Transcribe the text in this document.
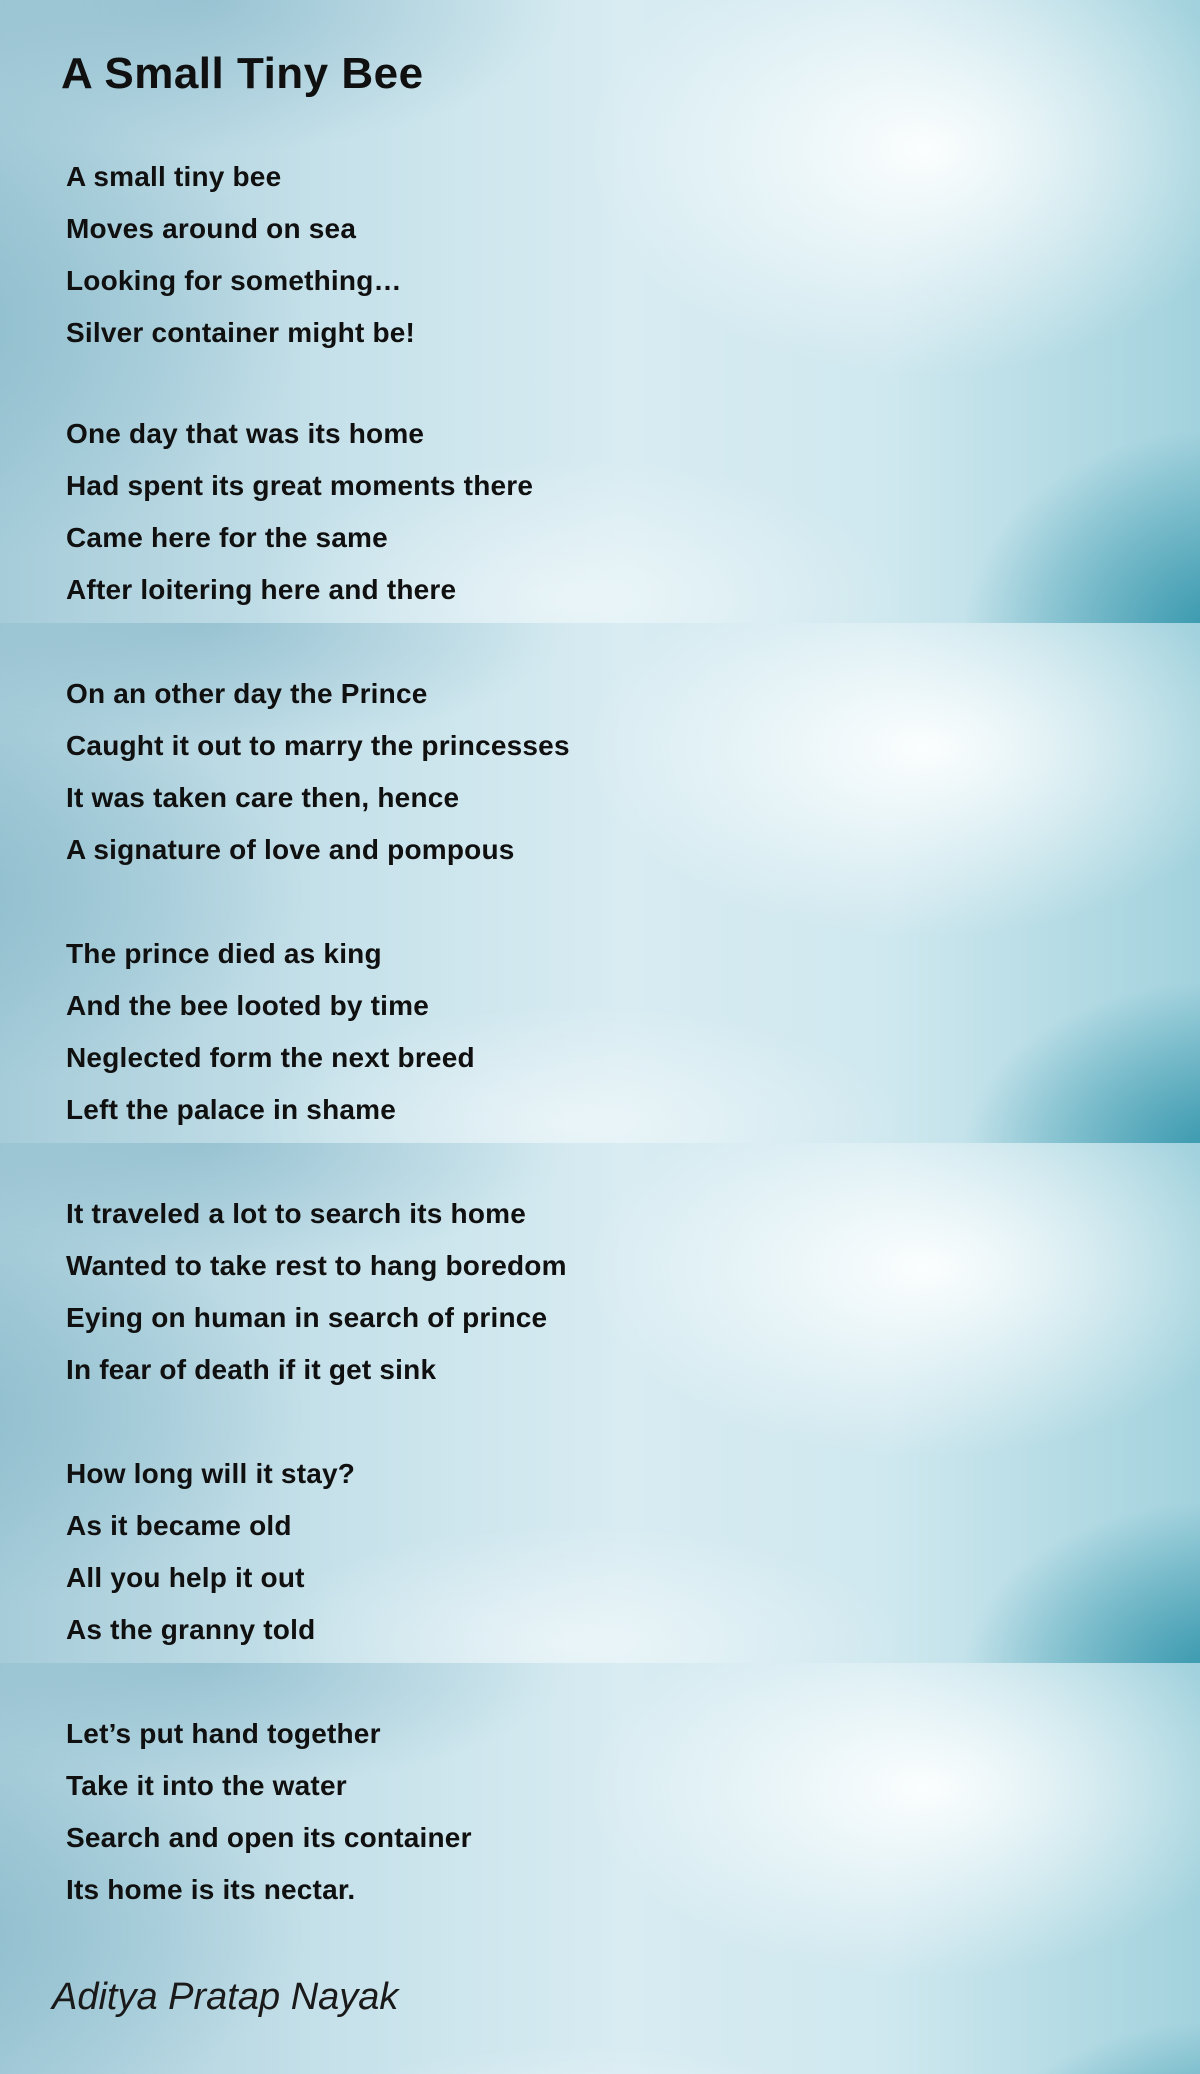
A Small Tiny Bee
A small tiny bee
Moves around on sea
Looking for something…
Silver container might be!
One day that was its home
Had spent its great moments there
Came here for the same
After loitering here and there
On an other day the Prince
Caught it out to marry the princesses
It was taken care then, hence
A signature of love and pompous
The prince died as king
And the bee looted by time
Neglected form the next breed
Left the palace in shame
It traveled a lot to search its home
Wanted to take rest to hang boredom
Eying on human in search of prince
In fear of death if it get sink
How long will it stay?
As it became old
All you help it out
As the granny told
Let’s put hand together
Take it into the water
Search and open its container
Its home is its nectar.
Aditya Pratap Nayak
